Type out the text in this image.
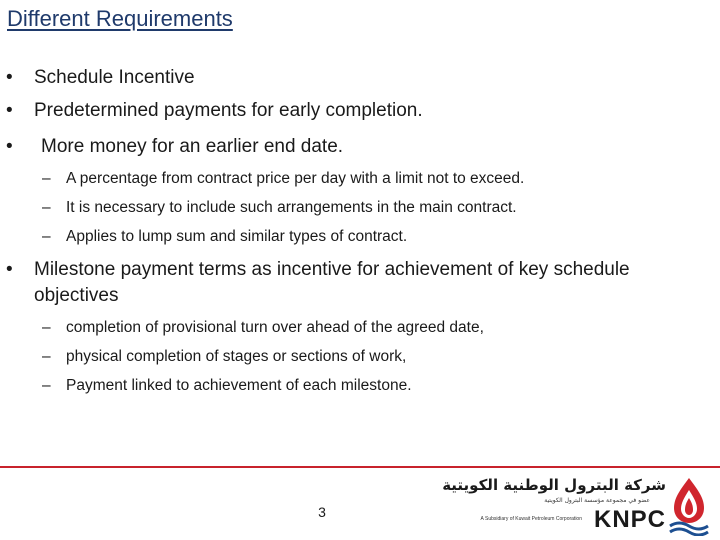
Different Requirements
• Schedule Incentive
• Predetermined payments for early completion.
• More money for an earlier end date.
– A percentage from contract price per day with a limit not to exceed.
– It is necessary to include such arrangements in the main contract.
– Applies to lump sum and similar types of contract.
• Milestone payment terms as incentive for achievement of key schedule objectives
– completion of provisional turn over ahead of the agreed date,
– physical completion of stages or sections of work,
– Payment linked to achievement of each milestone.
3
شركة البترول الوطنية الكويتية
عضو في مجموعة مؤسسة البترول الكويتية
A Subsidiary of Kuwait Petroleum Corporation KNPC
